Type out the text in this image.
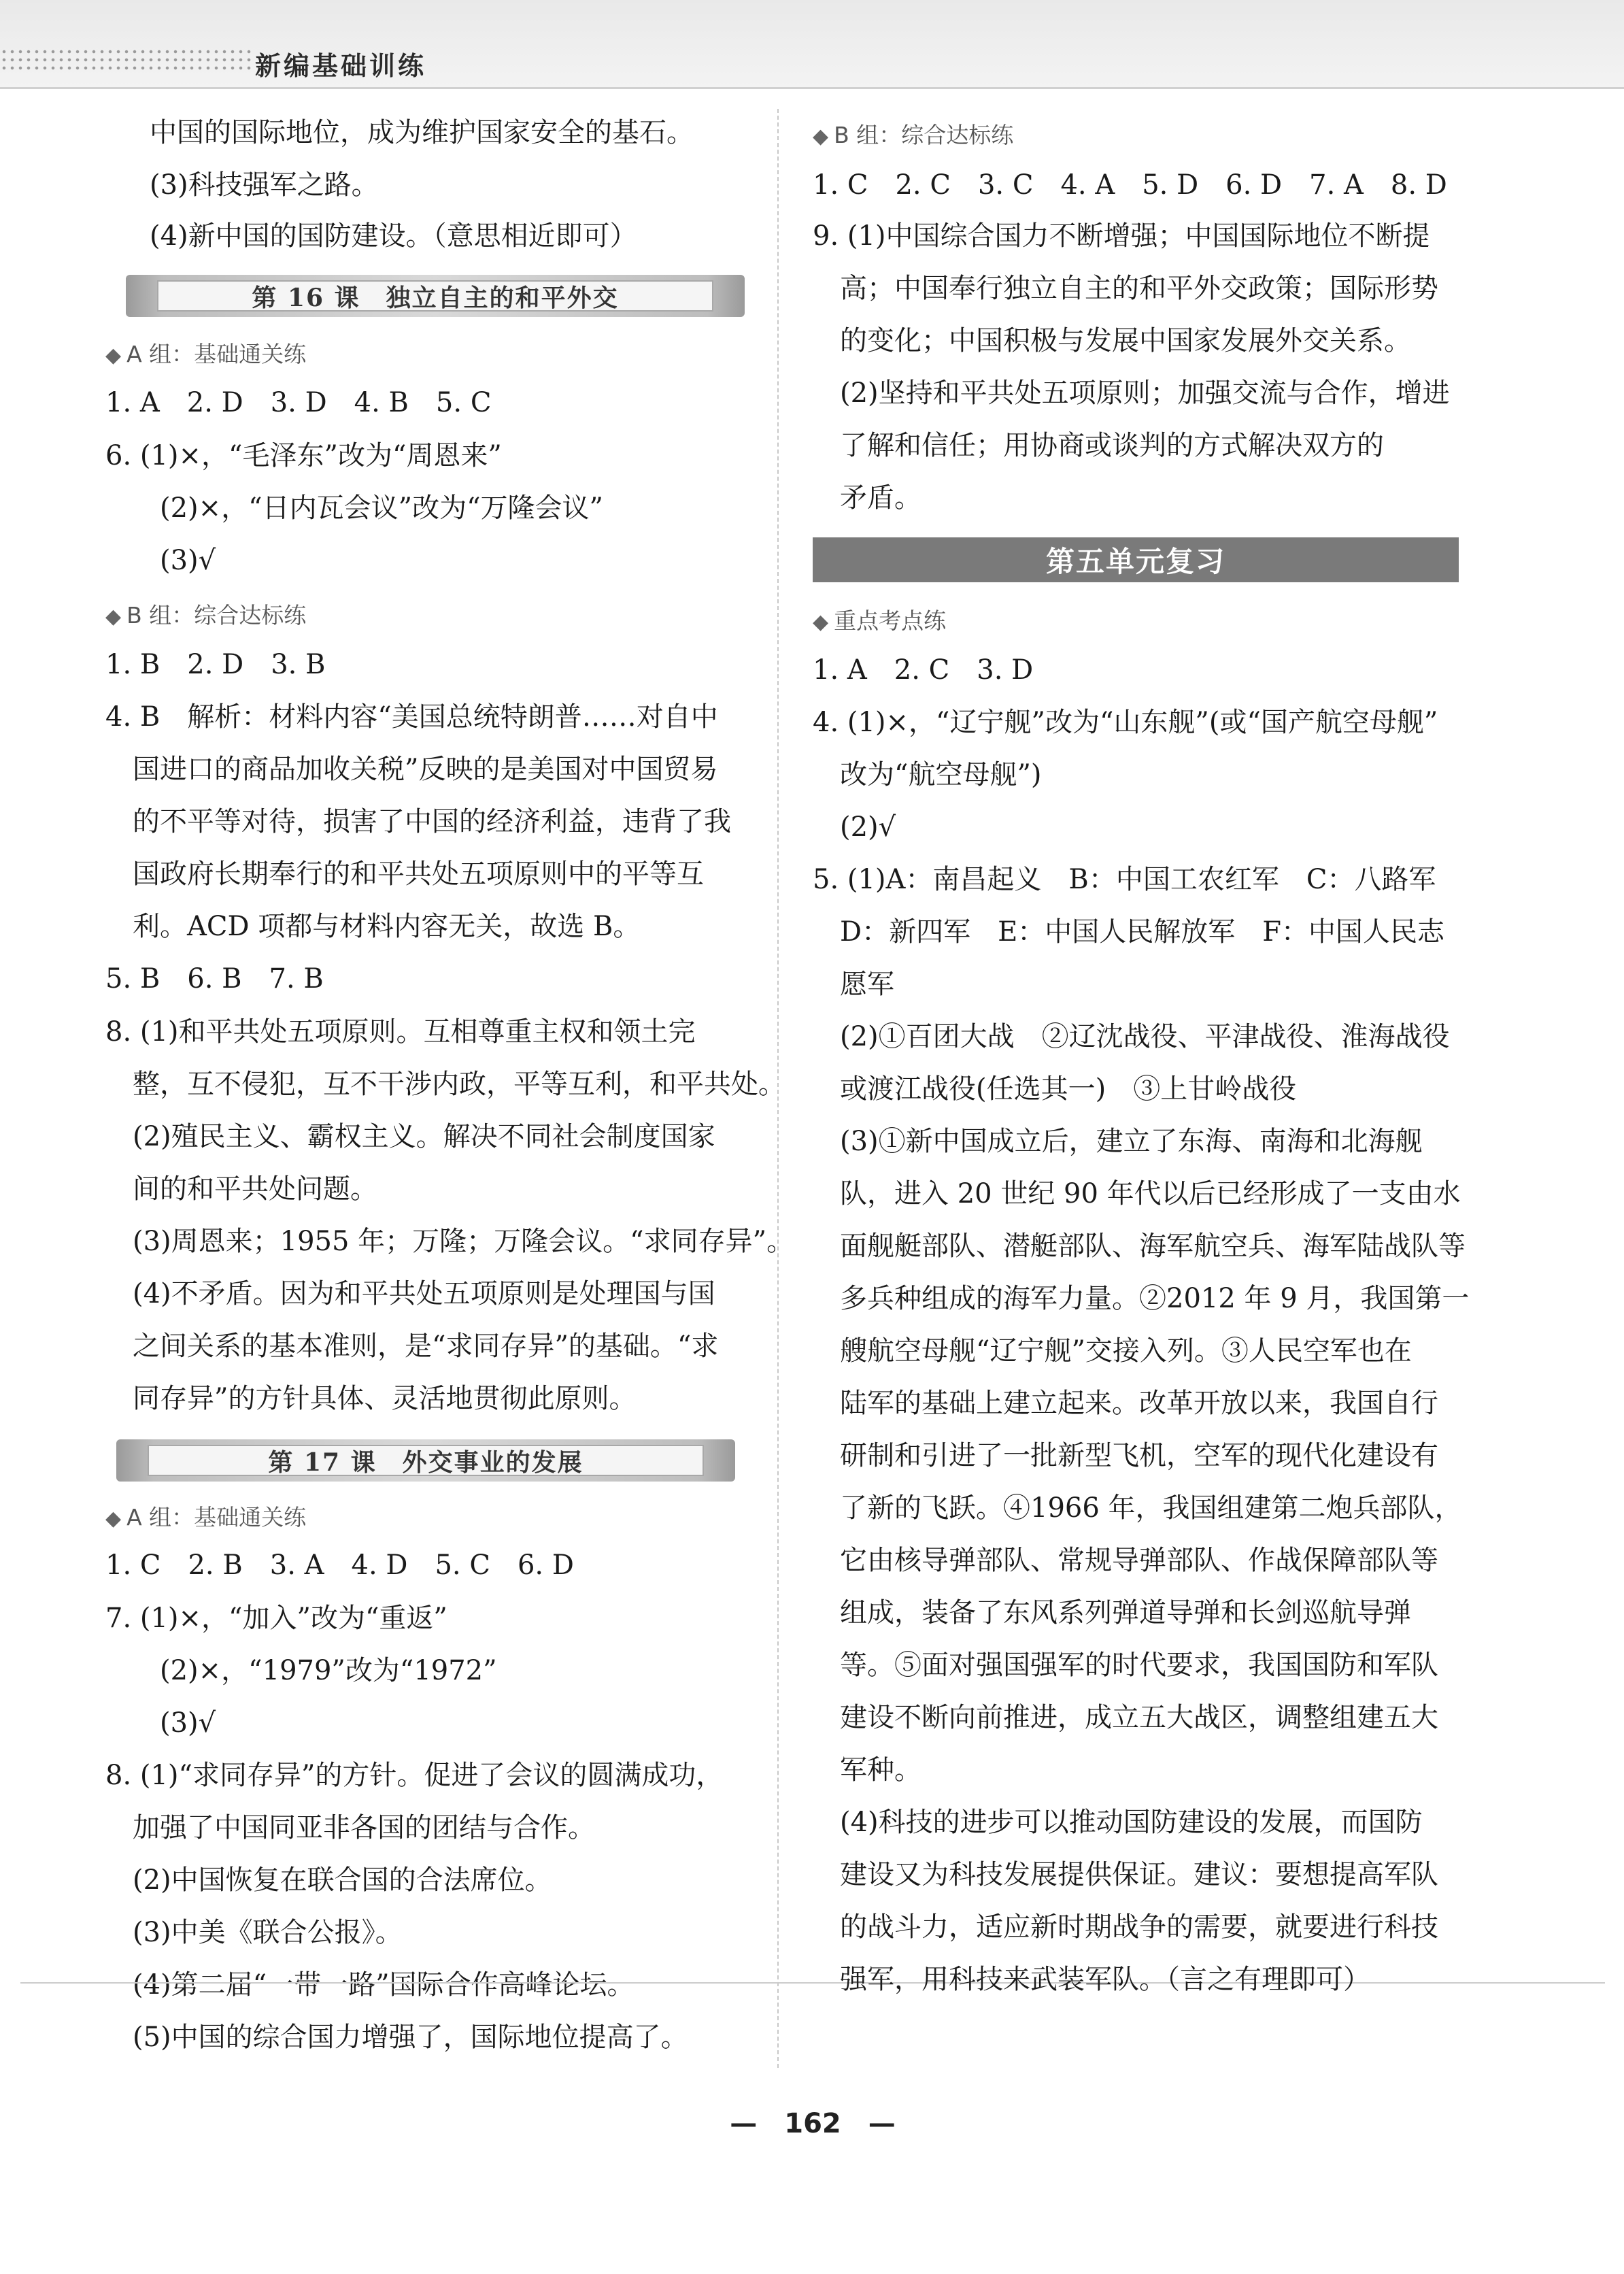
新编基础训练
中国的国际地位，成为维护国家安全的基石。
(3)科技强军之路。
(4)新中国的国防建设。（意思相近即可）
第 16 课　独立自主的和平外交
◆ A 组：基础通关练
1. A　2. D　3. D　4. B　5. C
6. (1)×，“毛泽东”改为“周恩来”
(2)×，“日内瓦会议”改为“万隆会议”
(3)√
◆ B 组：综合达标练
1. B　2. D　3. B
4. B　解析：材料内容“美国总统特朗普……对自中
国进口的商品加收关税”反映的是美国对中国贸易
的不平等对待，损害了中国的经济利益，违背了我
国政府长期奉行的和平共处五项原则中的平等互
利。ACD 项都与材料内容无关，故选 B。
5. B　6. B　7. B
8. (1)和平共处五项原则。互相尊重主权和领土完
整，互不侵犯，互不干涉内政，平等互利，和平共处。
(2)殖民主义、霸权主义。解决不同社会制度国家
间的和平共处问题。
(3)周恩来；1955 年；万隆；万隆会议。“求同存异”。
(4)不矛盾。因为和平共处五项原则是处理国与国
之间关系的基本准则，是“求同存异”的基础。“求
同存异”的方针具体、灵活地贯彻此原则。
第 17 课　外交事业的发展
◆ A 组：基础通关练
1. C　2. B　3. A　4. D　5. C　6. D
7. (1)×，“加入”改为“重返”
(2)×，“1979”改为“1972”
(3)√
8. (1)“求同存异”的方针。促进了会议的圆满成功，
加强了中国同亚非各国的团结与合作。
(2)中国恢复在联合国的合法席位。
(3)中美《联合公报》。
(4)第二届“一带一路”国际合作高峰论坛。
(5)中国的综合国力增强了，国际地位提高了。
◆ B 组：综合达标练
1. C　2. C　3. C　4. A　5. D　6. D　7. A　8. D
9. (1)中国综合国力不断增强；中国国际地位不断提
高；中国奉行独立自主的和平外交政策；国际形势
的变化；中国积极与发展中国家发展外交关系。
(2)坚持和平共处五项原则；加强交流与合作，增进
了解和信任；用协商或谈判的方式解决双方的
矛盾。
第五单元复习
◆ 重点考点练
1. A　2. C　3. D
4. (1)×，“辽宁舰”改为“山东舰”(或“国产航空母舰”
改为“航空母舰”)
(2)√
5. (1)A：南昌起义　B：中国工农红军　C：八路军
D：新四军　E：中国人民解放军　F：中国人民志
愿军
(2)①百团大战　②辽沈战役、平津战役、淮海战役
或渡江战役(任选其一)　③上甘岭战役
(3)①新中国成立后，建立了东海、南海和北海舰
队，进入 20 世纪 90 年代以后已经形成了一支由水
面舰艇部队、潜艇部队、海军航空兵、海军陆战队等
多兵种组成的海军力量。②2012 年 9 月，我国第一
艘航空母舰“辽宁舰”交接入列。③人民空军也在
陆军的基础上建立起来。改革开放以来，我国自行
研制和引进了一批新型飞机，空军的现代化建设有
了新的飞跃。④1966 年，我国组建第二炮兵部队，
它由核导弹部队、常规导弹部队、作战保障部队等
组成，装备了东风系列弹道导弹和长剑巡航导弹
等。⑤面对强国强军的时代要求，我国国防和军队
建设不断向前推进，成立五大战区，调整组建五大
军种。
(4)科技的进步可以推动国防建设的发展，而国防
建设又为科技发展提供保证。建议：要想提高军队
的战斗力，适应新时期战争的需要，就要进行科技
强军，用科技来武装军队。（言之有理即可）
—　162　—
